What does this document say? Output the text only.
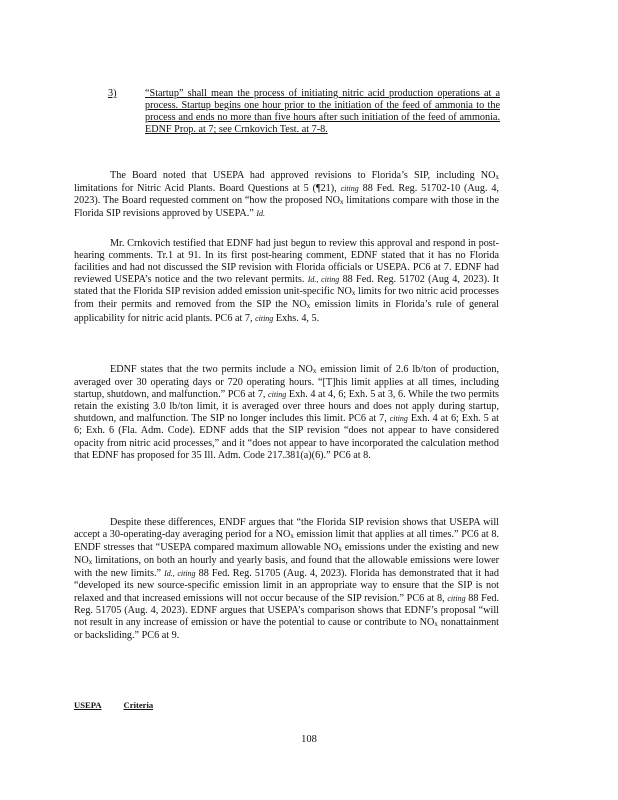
3)	“Startup” shall mean the process of initiating nitric acid production operations at a process. Startup begins one hour prior to the initiation of the feed of ammonia to the process and ends no more than five hours after such initiation of the feed of ammonia. EDNF Prop. at 7; see Crnkovich Test. at 7-8.

The Board noted that USEPA had approved revisions to Florida’s SIP, including NOx limitations for Nitric Acid Plants. Board Questions at 5 (¶21), citing 88 Fed. Reg. 51702-10 (Aug. 4, 2023). The Board requested comment on “how the proposed NOx limitations compare with those in the Florida SIP revisions approved by USEPA.” Id.

Mr. Crnkovich testified that EDNF had just begun to review this approval and respond in post-hearing comments. Tr.1 at 91. In its first post-hearing comment, EDNF stated that it has no Florida facilities and had not discussed the SIP revision with Florida officials or USEPA. PC6 at 7. EDNF had reviewed USEPA’s notice and the two relevant permits. Id., citing 88 Fed. Reg. 51702 (Aug 4, 2023). It stated that the Florida SIP revision added emission unit-specific NOx limits for two nitric acid processes from their permits and removed from the SIP the NOx emission limits in Florida’s rule of general applicability for nitric acid plants. PC6 at 7, citing Exhs. 4, 5.

EDNF states that the two permits include a NOx emission limit of 2.6 lb/ton of production, averaged over 30 operating days or 720 operating hours. “[T]his limit applies at all times, including startup, shutdown, and malfunction.” PC6 at 7, citing Exh. 4 at 4, 6; Exh. 5 at 3, 6. While the two permits retain the existing 3.0 lb/ton limit, it is averaged over three hours and does not apply during startup, shutdown, and malfunction. The SIP no longer includes this limit. PC6 at 7, citing Exh. 4 at 6; Exh. 5 at 6; Exh. 6 (Fla. Adm. Code). EDNF adds that the SIP revision “does not appear to have considered opacity from nitric acid processes,” and it “does not appear to have incorporated the calculation method that EDNF has proposed for 35 Ill. Adm. Code 217.381(a)(6).” PC6 at 8.

Despite these differences, ENDF argues that “the Florida SIP revision shows that USEPA will accept a 30-operating-day averaging period for a NOx emission limit that applies at all times.” PC6 at 8. ENDF stresses that “USEPA compared maximum allowable NOx emissions under the existing and new NOx limitations, on both an hourly and yearly basis, and found that the allowable emissions were lower with the new limits.” Id., citing 88 Fed. Reg. 51705 (Aug. 4, 2023). Florida has demonstrated that it had “developed its new source-specific emission limit in an appropriate way to ensure that the SIP is not relaxed and that increased emissions will not occur because of the SIP revision.” PC6 at 8, citing 88 Fed. Reg. 51705 (Aug. 4, 2023). EDNF argues that USEPA’s comparison shows that EDNF’s proposal “will not result in any increase of emission or have the potential to cause or contribute to NOx nonattainment or backsliding.” PC6 at 9.

USEPA	Criteria
108
